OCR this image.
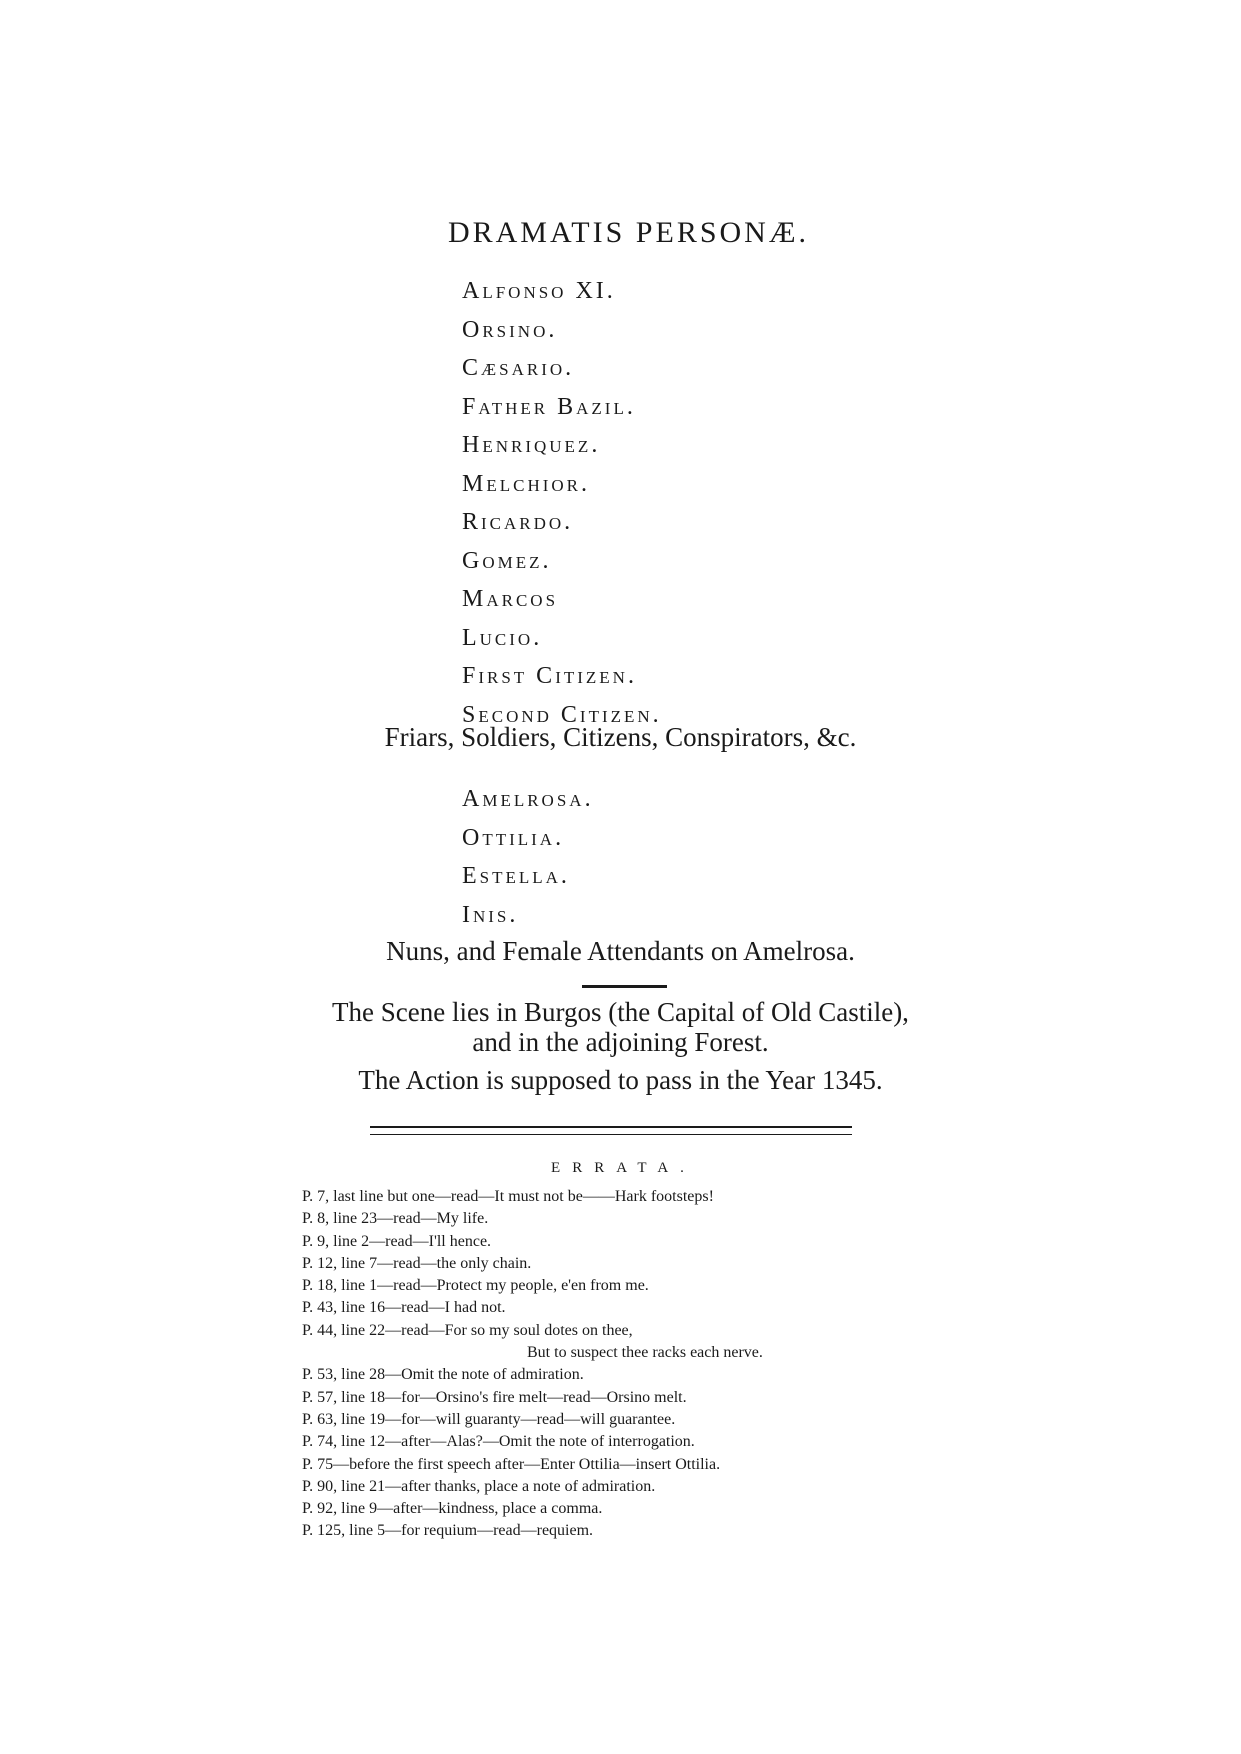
DRAMATIS PERSONÆ.
Alfonso XI.
Orsino.
Cæsario.
Father Bazil.
Henriquez.
Melchior.
Ricardo.
Gomez.
Marcos
Lucio.
First Citizen.
Second Citizen.
Friars, Soldiers, Citizens, Conspirators, &c.
Amelrosa.
Ottilia.
Estella.
Inis.
Nuns, and Female Attendants on Amelrosa.
The Scene lies in Burgos (the Capital of Old Castile),
and in the adjoining Forest.
The Action is supposed to pass in the Year 1345.
ERRATA.
P. 7, last line but one—read—It must not be——Hark footsteps!
P. 8, line 23—read—My life.
P. 9, line 2—read—I'll hence.
P. 12, line 7—read—the only chain.
P. 18, line 1—read—Protect my people, e'en from me.
P. 43, line 16—read—I had not.
P. 44, line 22—read—For so my soul dotes on thee,
But to suspect thee racks each nerve.
P. 53, line 28—Omit the note of admiration.
P. 57, line 18—for—Orsino's fire melt—read—Orsino melt.
P. 63, line 19—for—will guaranty—read—will guarantee.
P. 74, line 12—after—Alas?—Omit the note of interrogation.
P. 75—before the first speech after—Enter Ottilia—insert Ottilia.
P. 90, line 21—after thanks, place a note of admiration.
P. 92, line 9—after—kindness, place a comma.
P. 125, line 5—for requium—read—requiem.
